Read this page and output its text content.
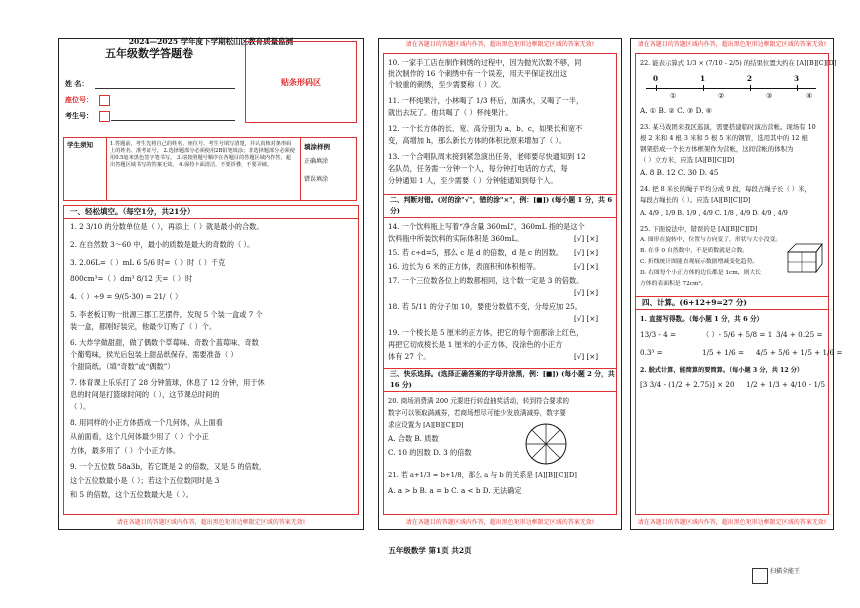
2024—2025 学年度下学期松山区教育质量监测
五年级数学答题卷
贴条形码区
姓 名：
座位号：
考生号：
学生须知	1.答题前，考生先将自己的姓名、座位号、考生号填写清楚，并认真核对条形码上的姓名、准考证号。 2.选择题部分必须使用2B铅笔填涂；非选择题部分必须使用0.5毫米黑色签字笔书写。 3.请按照题号顺序在各题目的答题区域内作答，超出答题区域书写的答案无效。 4.保持卡面清洁，不要折叠，不要弄破。
填涂样例
正确填涂
错误填涂
一、轻松填空。（每空1分，共21分）
1. 2 3/10 的分数单位是（ ），再添上（ ）就是最小的合数。
2. 在自然数 3～60 中，最小的质数是最大的奇数的（ ）。
3. 2.06L=（ ）mL 6 5/6 时=（ ）时（ ）千克
800cm³=（ ）dm³ 8/12 天=（ ）时
4.（ ）÷9 = 9/(5·30) = 21/（ ）
5. 李老板订购一批源三郡工艺摆件，发现 5 个装一盒或 7 个
装一盒，都刚好装完，他最少订购了（ ）个。
6. 大炸学做甜甜，做了偶数个草莓味、奇数个蓝莓味、奇数
个葡萄味，侯光后包装上甜品纸保存，需要准备（ ）
个甜筒纸。（填“奇数”或“偶数”）
7. 体育课上乐乐打了 28 分钟篮球，休息了 12 分钟，用于休
息的时间是打篮球时间的（ ），这节课总时间的
（ ）。
8. 用同样的小正方体搭成一个几何体，从上面看
从前面看，这个几何体最少用了（ ）个小正
方体，最多用了（ ）个小正方体。
9. 一个五位数 58a3b，若它既是 2 的倍数，又是 5 的倍数，
这个五位数最小是（ ）；若这个五位数同时是 3
和 5 的倍数，这个五位数最大是（ ）。
请在各题目的答题区域内作答，超出黑色矩形边框限定区域的答案无效!
请在各题目的答题区域内作答，超出黑色矩形边框限定区域的答案无效!
10. 一家手工店在制作刺绣的过程中，因为抛光次数不够，同
批次制作的 16 个刺绣中有一个误差，用天平保证找出这
个较重的刺绣，至少需要称（ ）次。
11. 一杯纯果汁，小林喝了 1/3 杯后，加满水，又喝了一半，
就出去玩了。他共喝了（ ）杯纯果汁。
12. 一个长方体的长、宽、高分别为 a、b、c，如果长和宽不
变，高增加 h，那么新长方体的体积比原来增加了（ ）。
13. 一个合唱队周末接到紧急演出任务，老师要尽快通知到 12
名队员，任务需一分钟一个人，每分钟打电话的方式，每
分钟通知 1 人，至少需要（ ）分钟能通知到每个人。
二、判断对错。(对的涂"√"，错的涂"×"，例：[■]) (每小题 1 分，共 6 分)
14. 一个饮料瓶上写着“净含量 360mL”，360mL 指的是这个
饮料瓶中所装饮料的实际体积是 360mL。	[√] [×]
15. 若 c÷d=5，那么 c 是 d 的倍数，d 是 c 的因数。 [√] [×]
16. 边长为 6 米的正方体，表面积和体积相等。	[√] [×]
17. 一个三位数各位上的数都相同，这个数一定是 3 的倍数。
[√] [×]
18. 若 5/11 的分子加 10，要使分数值不变，分母应加 25。
[√] [×]
19. 一个棱长是 5 厘米的正方体，把它的每个面都涂上红色，
再把它切成棱长是 1 厘米的小正方体，没涂色的小正方
体有 27 个。	[√] [×]
三、快乐选择。(选择正确答案的字母并涂黑，例：[■]) (每小题 2 分，共 16 分)
20. 商场消费满 200 元要进行转盘抽奖活动，转到符合要求的
数字可以领取满减券，若商场想尽可能少发放满减券，数字要
求应设置为 [A][B][C][D]
A. 合数 B. 质数
C. 10 的因数 D. 3 的倍数
21. 若 a+1/3 = b+1/8，那么 a 与 b 的关系是 [A][B][C][D]
A. a > b B. a = b C. a < b D. 无法确定
请在各题目的答题区域内作答，超出黑色矩形边框限定区域的答案无效!
请在各题目的答题区域内作答，超出黑色矩形边框限定区域的答案无效!
22. 能表示算式 1/3 × (7/10 - 2/5) 的结果位置大约在 [A][B][C][D]
0	1	2	3
①	②	③	④
A. ① B. ② C. ③ D. ④
23. 某马戏团来我区巡演，需要搭建临时演出营帐。现场有 10
根 2 米和 4 根 3 米和 5 根 5 米的钢管，选用其中的 12 根
钢架搭成一个长方体框架作为营帐，这间营帐的体积为
（ ）立方米，应选 [A][B][C][D]
A. 8 B. 12 C. 30 D. 45
24. 把 8 米长的绳子平均分成 9 段，每段占绳子长（ ）米，
每段占绳长的（ ）。应选 [A][B][C][D]
A. 4/9 , 1/9 B. 1/9 , 4/9 C. 1/8 , 4/9 D. 4/9 , 4/9
25. 下面说法中，错误的是 [A][B][C][D]
A. 图形在旋转中，位置与方向变了，形状与大小没变。
B. 在非 0 自然数中，不是质数就是合数。
C. 折线统计图能直观展示数据增减变化趋势。
D. 右图每个小正方体的边长都是 1cm，则大长
方体的表面积是 72cm²。
四、计算。(6+12+9=27 分)
1. 直接写得数。（每小题 1 分，共 6 分）
13/3 - 4 =	（ ）- 5/6 + 5/8 = 1 3/4 + 0.25 =
0.3³ =	1/5 + 1/6 = 4/5 + 5/6 + 1/5 + 1/6 =
2. 脱式计算，能简算的要简算。（每小题 3 分，共 12 分）
[3 3/4 - (1/2 + 2.75)] × 20 1/2 + 1/3 + 4/10 - 1/5
请在各题目的答题区域内作答，超出黑色矩形边框限定区域的答案无效!
五年级数学 第1页 共2页
扫描全能王
